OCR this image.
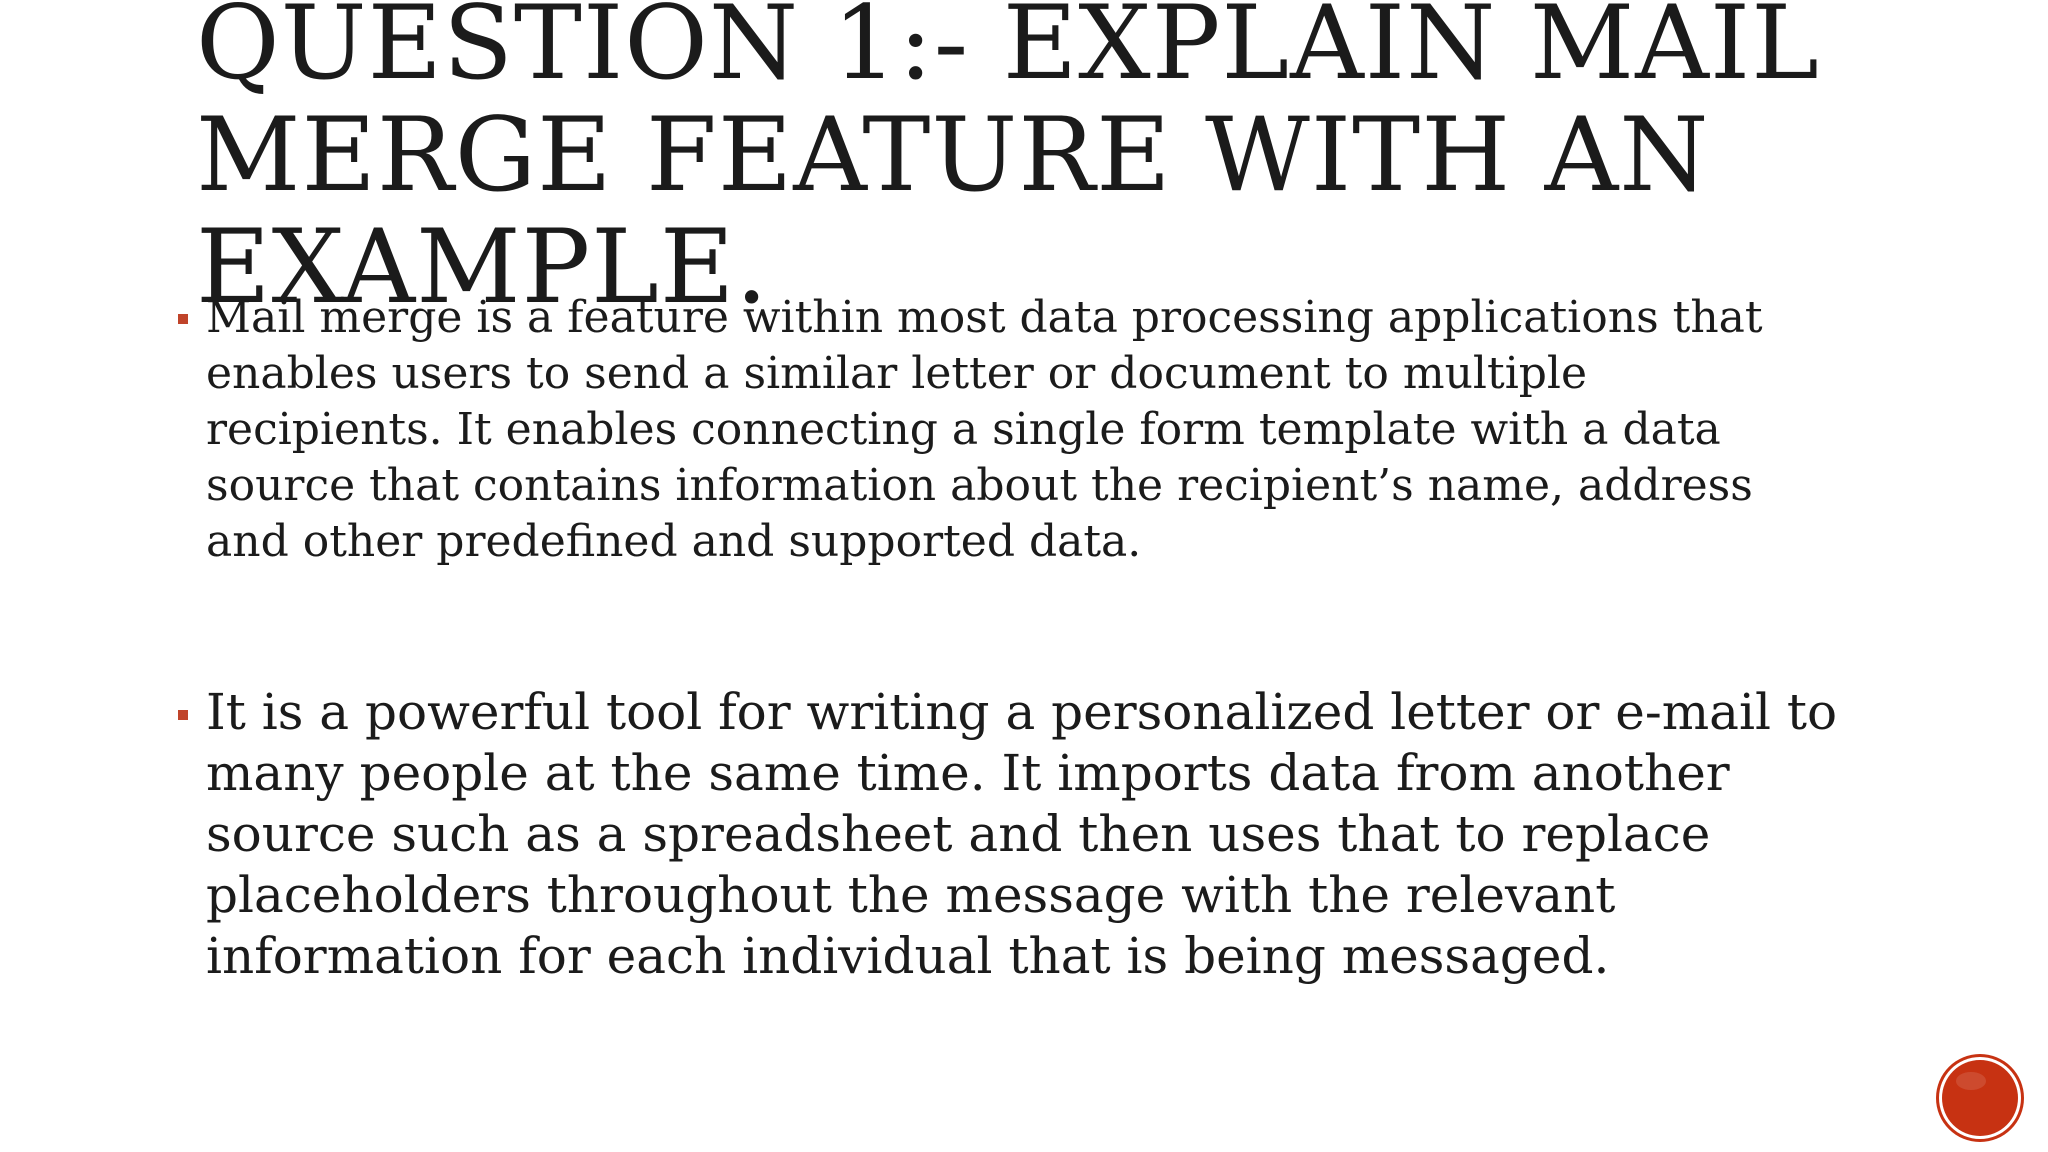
QUESTION 1:- EXPLAIN MAIL
MERGE FEATURE WITH AN
EXAMPLE.
Mail merge is a feature within most data processing applications that
enables users to send a similar letter or document to multiple
recipients. It enables connecting a single form template with a data
source that contains information about the recipient’s name, address
and other predefined and supported data.
It is a powerful tool for writing a personalized letter or e-mail to
many people at the same time. It imports data from another
source such as a spreadsheet and then uses that to replace
placeholders throughout the message with the relevant
information for each individual that is being messaged.
